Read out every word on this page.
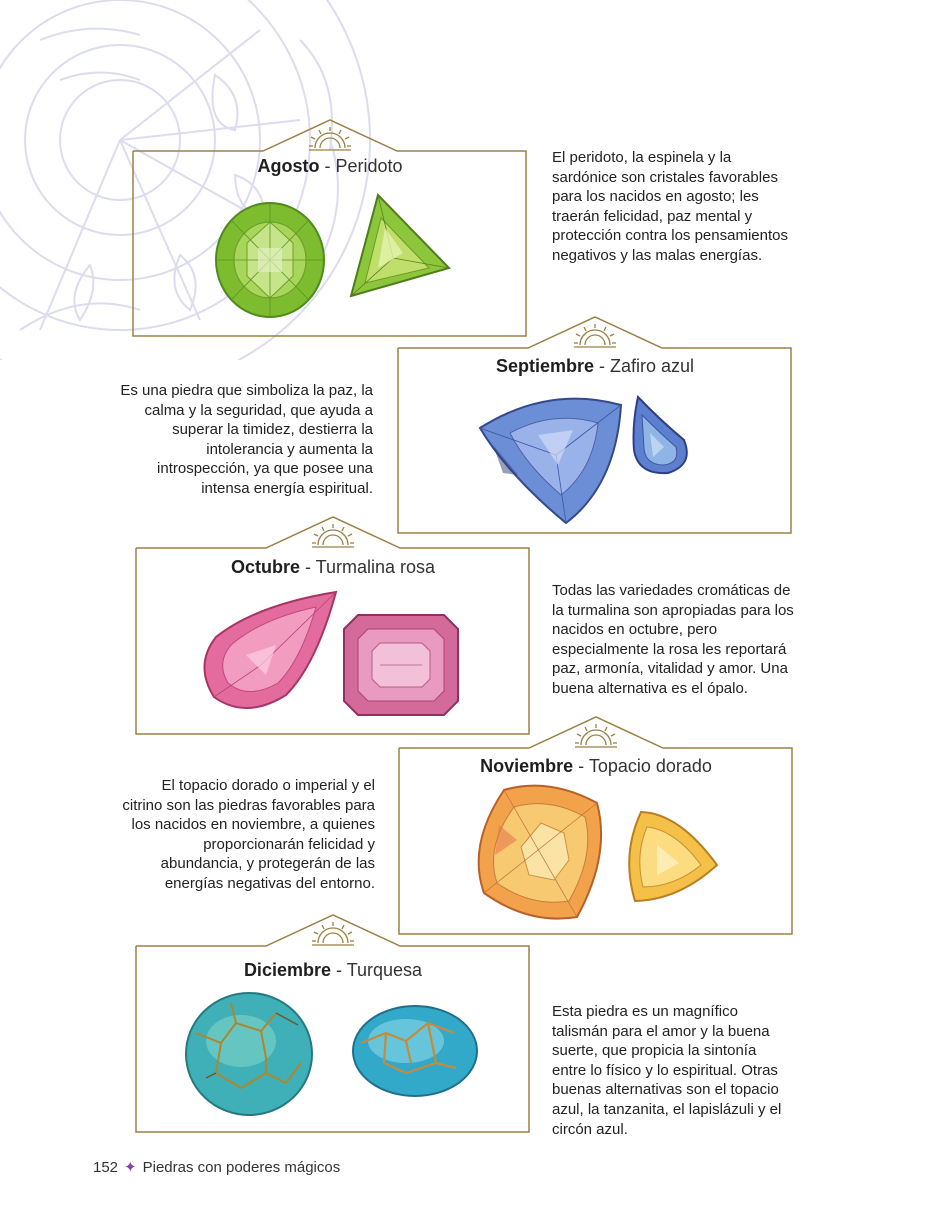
Agosto - Peridoto	El peridoto, la espinela y la sardónice son cristales favorables para los nacidos en agosto; les traerán felicidad, paz mental y protección contra los pensamientos negativos y las malas energías.
Septiembre - Zafiro azul
Es una piedra que simboliza la paz, la calma y la seguridad, que ayuda a superar la timidez, destierra la intolerancia y aumenta la introspección, ya que posee una intensa energía espiritual.
Octubre - Turmalina rosa
Todas las variedades cromáticas de la turmalina son apropiadas para los nacidos en octubre, pero especialmente la rosa les reportará paz, armonía, vitalidad y amor. Una buena alternativa es el ópalo.
Noviembre - Topacio dorado
El topacio dorado o imperial y el citrino son las piedras favorables para los nacidos en noviembre, a quienes proporcionarán felicidad y abundancia, y protegerán de las energías negativas del entorno.
Diciembre - Turquesa
Esta piedra es un magnífico talismán para el amor y la buena suerte, que propicia la sintonía entre lo físico y lo espiritual. Otras buenas alternativas son el topacio azul, la tanzanita, el lapislázuli y el circón azul.
152 ✦ Piedras con poderes mágicos
